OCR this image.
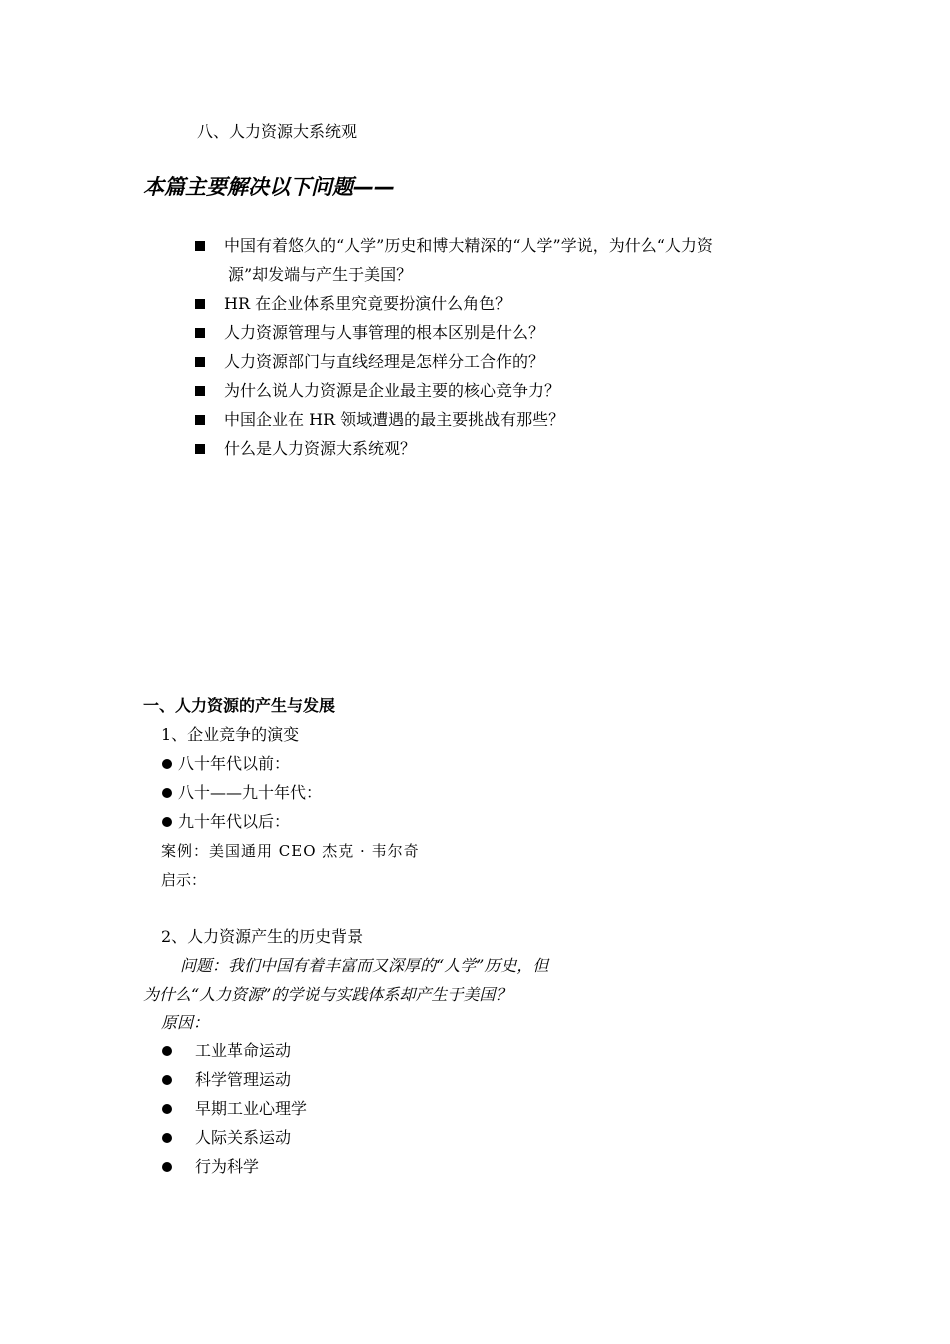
八、人力资源大系统观
本篇主要解决以下问题——
中国有着悠久的“人学”历史和博大精深的“人学”学说，为什么“人力资
源”却发端与产生于美国？
HR 在企业体系里究竟要扮演什么角色？
人力资源管理与人事管理的根本区别是什么？
人力资源部门与直线经理是怎样分工合作的？
为什么说人力资源是企业最主要的核心竞争力？
中国企业在 HR 领域遭遇的最主要挑战有那些？
什么是人力资源大系统观？
一、人力资源的产生与发展
1、企业竞争的演变
八十年代以前：
八十——九十年代：
九十年代以后：
案例：美国通用 CEO 杰克 · 韦尔奇
启示：
2、人力资源产生的历史背景
问题：我们中国有着丰富而又深厚的“人学”历史，但
为什么“人力资源”的学说与实践体系却产生于美国？
原因：
工业革命运动
科学管理运动
早期工业心理学
人际关系运动
行为科学
